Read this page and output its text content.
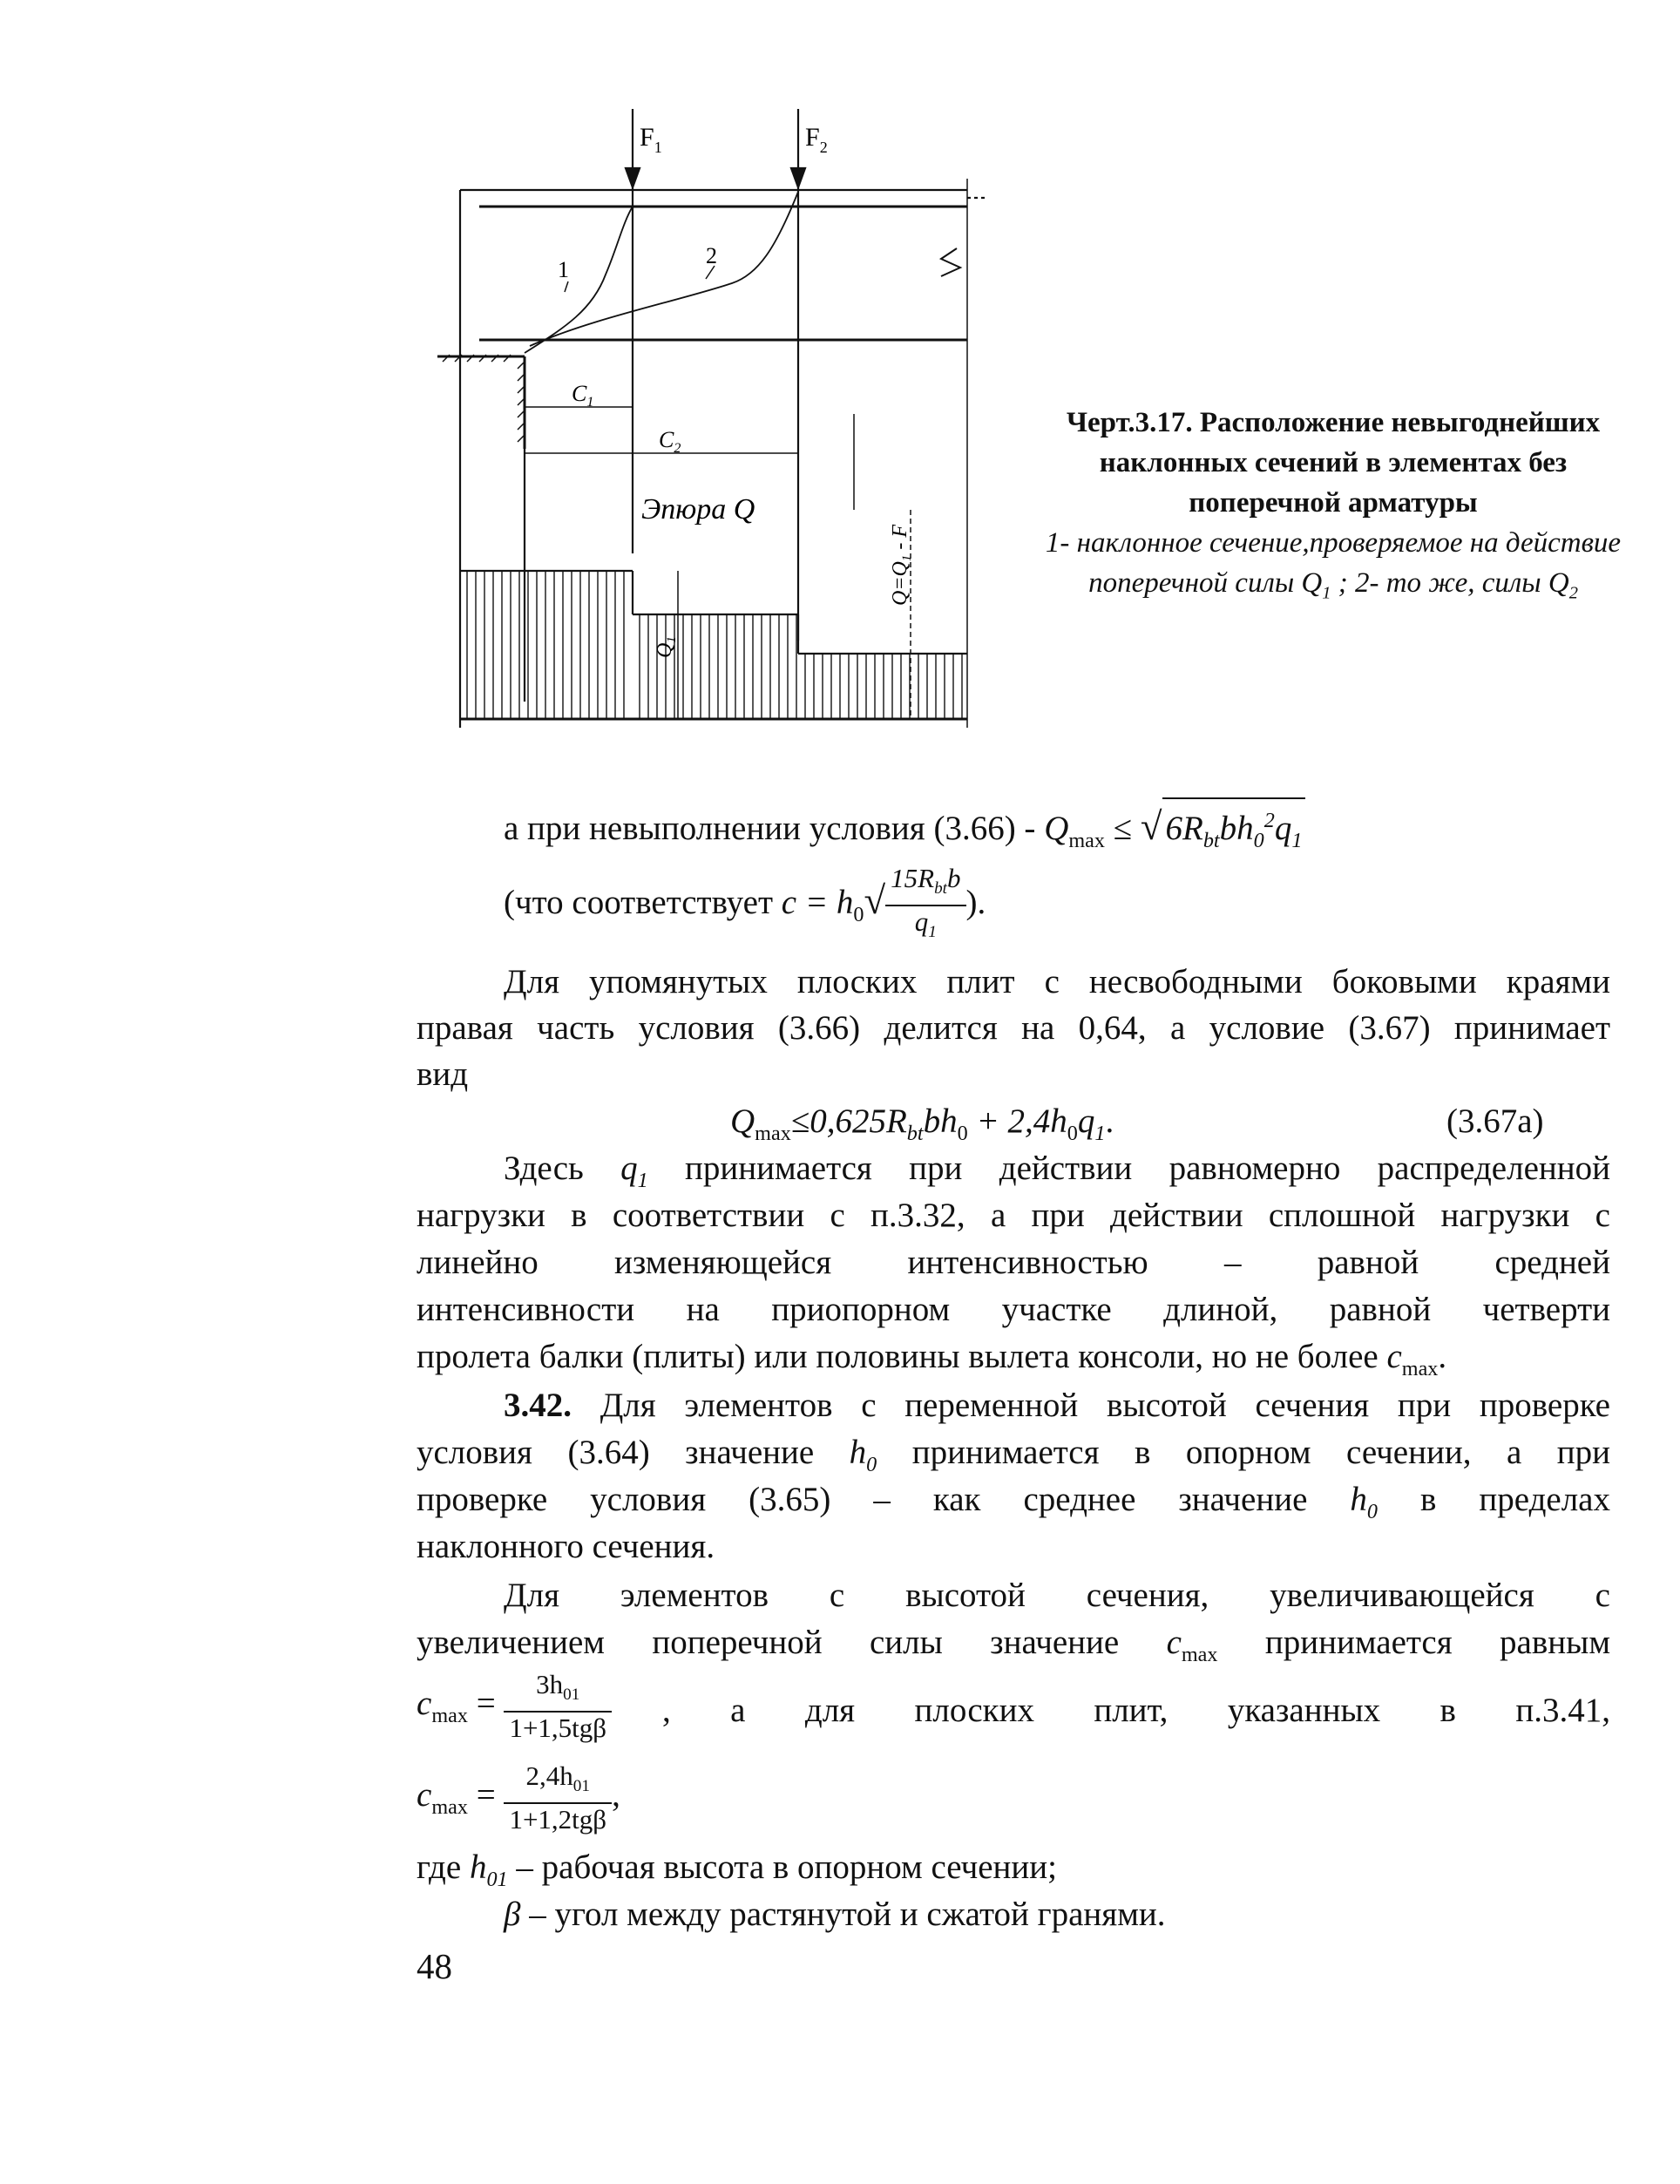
$F_1$	$F_2$
1
2
$C_1$
$C_2$
Эпюра Q
$Q_1$
$Q=Q_1 - F$
Черт.3.17. Расположение невыгоднейших наклонных сечений в элементах без поперечной арматуры
1- наклонное сечение,проверяемое на действие поперечной силы $Q_1$ ; 2- то же, силы $Q_2$
а при невыполнении условия $(3.66) - Q_{max}$ ≤ √ $6R_{bt}bh_0^2q_1$
(что соответствует $c = h_0√ \frac{15R_{bt}b}{q_1}$ ).
Для упомянутых плоских плит с несвободными боковыми краями
правая часть условия (3.66) делится на 0,64, а условие (3.67) принимает
вид
$Q_{max}\le 0,625R_{bt}bh_0 + 2,4h_0q_1$.	(3.67а)
Здесь $q_1$ принимается при действии равномерно распределенной
нагрузки в соответствии с п.3.32, а при действии сплошной нагрузки с
линейно изменяющейся интенсивностью – равной средней
интенсивности на приопорном участке длиной, равной четверти
пролета балки (плиты) или половины вылета консоли, но не более $c_{max}$.
3.42. Для элементов с переменной высотой сечения при проверке
условия (3.64) значение $h_0$ принимается в опорном сечении, а при
проверке условия (3.65) – как среднее значение $h_0$ в пределах
наклонного сечения.
Для элементов с высотой сечения, увеличивающейся с
увеличением поперечной силы значение $c_{max}$ принимается равным
$c_{max} = \frac{3h_{01}}{\text{1+1,5tgβ}}$ , а для плоских плит, указанных в п.3.41,
$c_{max} = \frac{2,4h_{01}}{\text{1+1,2tgβ}}$ ,
где $h_{01}$ – рабочая высота в опорном сечении;
β – угол между растянутой и сжатой гранями.
48
